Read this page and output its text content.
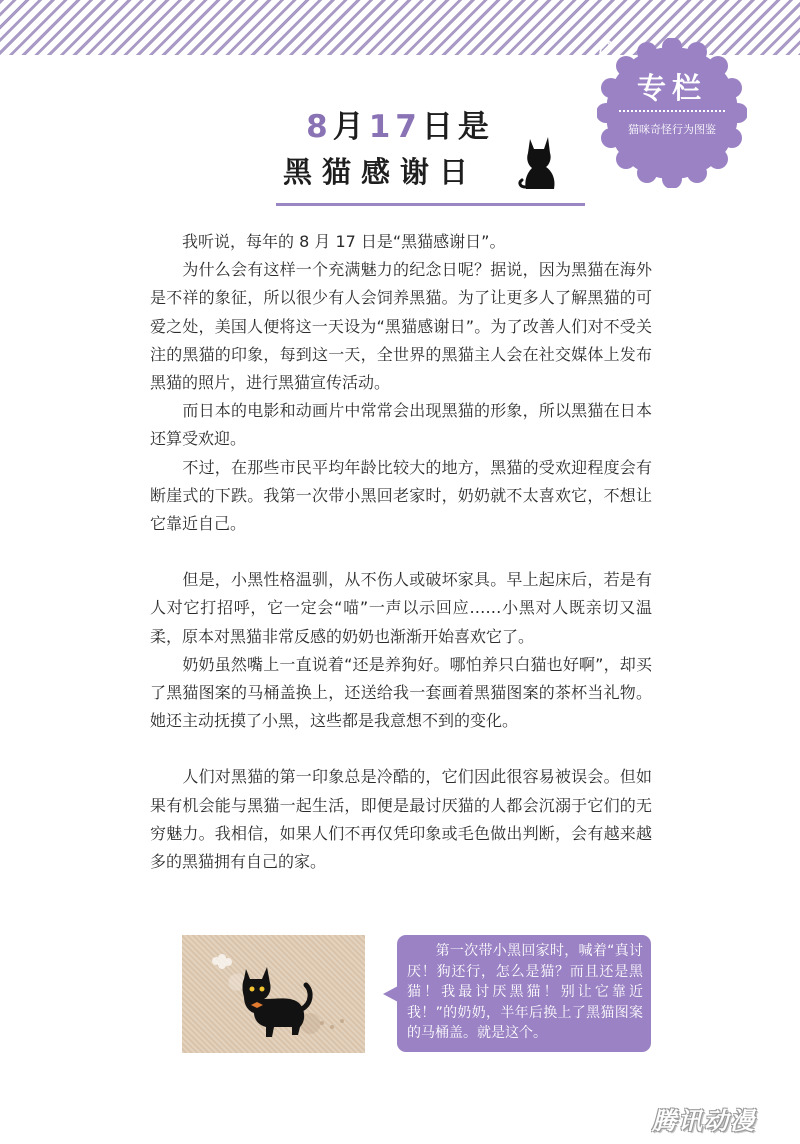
专栏
猫咪奇怪行为图鉴
8月17日是
黑猫感谢日

　　我听说，每年的 8 月 17 日是“黑猫感谢日”。

　　为什么会有这样一个充满魅力的纪念日呢？据说，因为黑猫在海外是不祥的象征，所以很少有人会饲养黑猫。为了让更多人了解黑猫的可爱之处，美国人便将这一天设为“黑猫感谢日”。为了改善人们对不受关注的黑猫的印象，每到这一天，全世界的黑猫主人会在社交媒体上发布黑猫的照片，进行黑猫宣传活动。

　　而日本的电影和动画片中常常会出现黑猫的形象，所以黑猫在日本还算受欢迎。

　　不过，在那些市民平均年龄比较大的地方，黑猫的受欢迎程度会有断崖式的下跌。我第一次带小黑回老家时，奶奶就不太喜欢它，不想让它靠近自己。

　　但是，小黑性格温驯，从不伤人或破坏家具。早上起床后，若是有人对它打招呼，它一定会“喵”一声以示回应……小黑对人既亲切又温柔，原本对黑猫非常反感的奶奶也渐渐开始喜欢它了。

　　奶奶虽然嘴上一直说着“还是养狗好。哪怕养只白猫也好啊”，却买了黑猫图案的马桶盖换上，还送给我一套画着黑猫图案的茶杯当礼物。她还主动抚摸了小黑，这些都是我意想不到的变化。

　　人们对黑猫的第一印象总是冷酷的，它们因此很容易被误会。但如果有机会能与黑猫一起生活，即便是最讨厌猫的人都会沉溺于它们的无穷魅力。我相信，如果人们不再仅凭印象或毛色做出判断，会有越来越多的黑猫拥有自己的家。

　　第一次带小黑回家时，喊着“真讨厌！狗还行，怎么是猫？而且还是黑猫！我最讨厌黑猫！别让它靠近我！”的奶奶，半年后换上了黑猫图案的马桶盖。就是这个。
腾讯动漫
